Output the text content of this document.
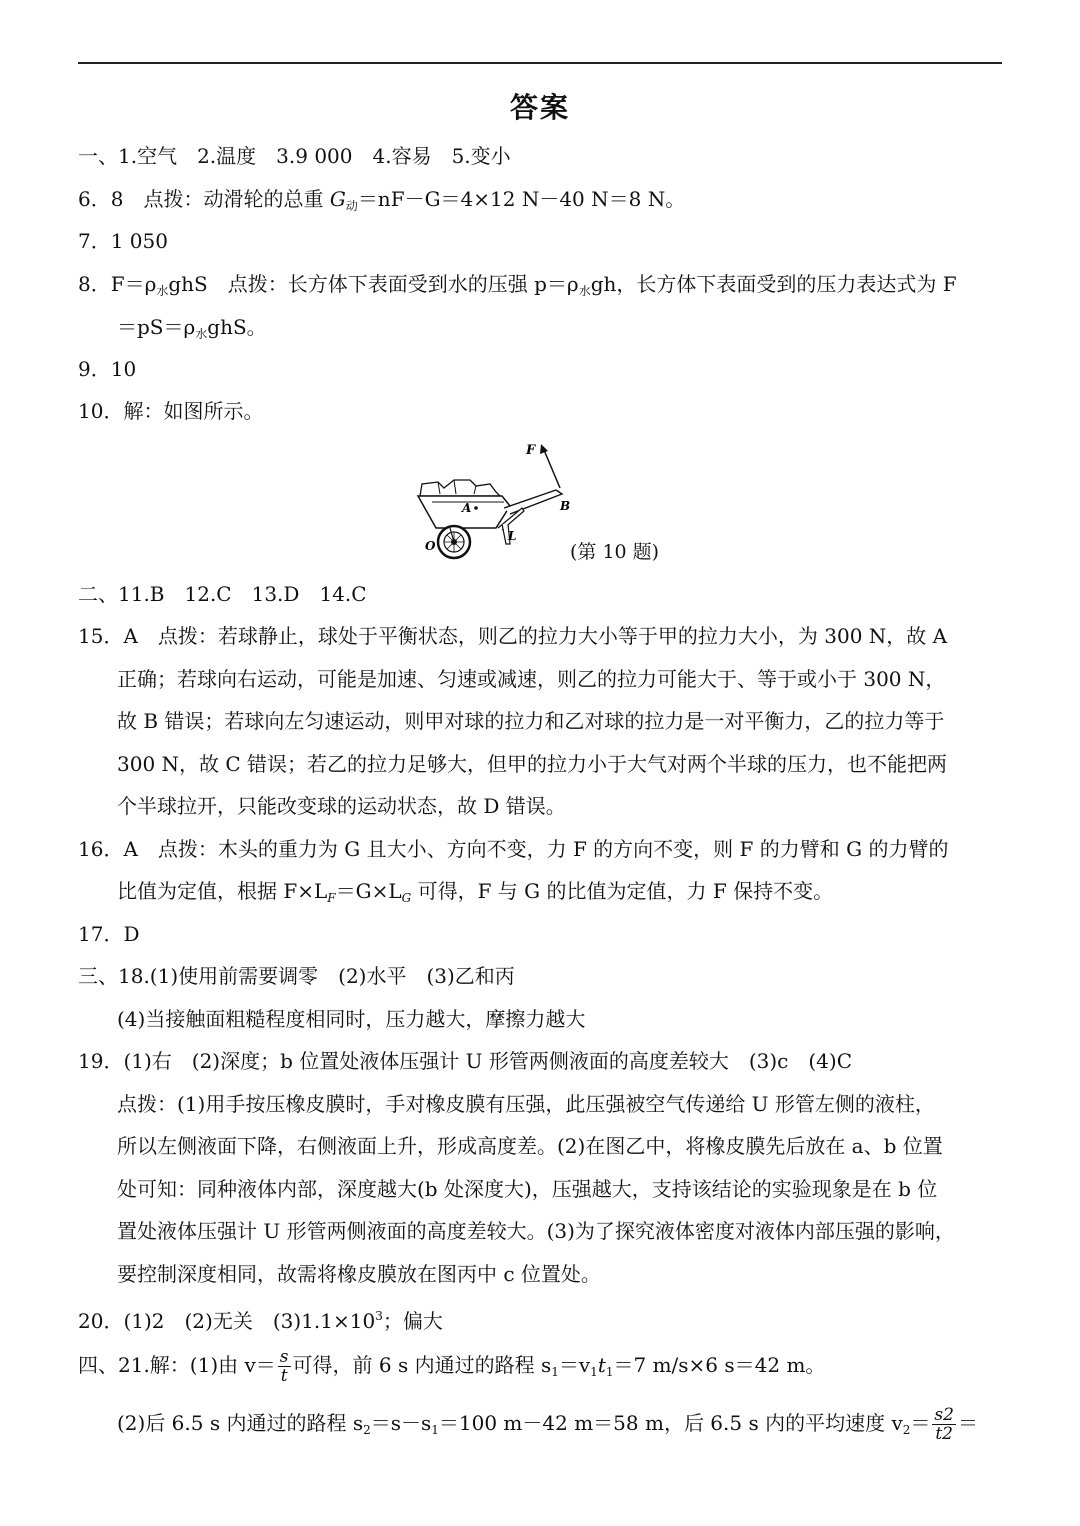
答案
一、1.空气　2.温度　3.9 000　4.容易　5.变小
6．8　点拨：动滑轮的总重 $G_动=nF-G=4\times 12$ N－40 N＝8 N。
7．1 050
8．$F=\rho_水ghS$　点拨：长方体下表面受到水的压强 $p=\rho_水gh$，长方体下表面受到的压力表达式为 F
$=pS=\rho_水ghS$。
9．10
10．解：如图所示。
F
A	B
O
L
(第 10 题)
二、11.B　12.C　13.D　14.C
15．A　点拨：若球静止，球处于平衡状态，则乙的拉力大小等于甲的拉力大小，为 300 N，故 A
正确；若球向右运动，可能是加速、匀速或减速，则乙的拉力可能大于、等于或小于 300 N，
故 B 错误；若球向左匀速运动，则甲对球的拉力和乙对球的拉力是一对平衡力，乙的拉力等于
300 N，故 C 错误；若乙的拉力足够大，但甲的拉力小于大气对两个半球的压力，也不能把两
个半球拉开，只能改变球的运动状态，故 D 错误。
16．A　点拨：木头的重力为 G 且大小、方向不变，力 F 的方向不变，则 F 的力臂和 G 的力臂的
比值为定值，根据 $F\times L_F=G\times L_G$ 可得，F 与 G 的比值为定值，力 F 保持不变。
17．D
三、18.(1)使用前需要调零　(2)水平　(3)乙和丙
(4)当接触面粗糙程度相同时，压力越大，摩擦力越大
19．(1)右　(2)深度；b 位置处液体压强计 U 形管两侧液面的高度差较大　(3)c　(4)C
点拨：(1)用手按压橡皮膜时，手对橡皮膜有压强，此压强被空气传递给 U 形管左侧的液柱，
所以左侧液面下降，右侧液面上升，形成高度差。(2)在图乙中，将橡皮膜先后放在 a、b 位置
处可知：同种液体内部，深度越大(b 处深度大)，压强越大，支持该结论的实验现象是在 b 位
置处液体压强计 U 形管两侧液面的高度差较大。(3)为了探究液体密度对液体内部压强的影响，
要控制深度相同，故需将橡皮膜放在图丙中 c 位置处。
20．(1)2　(2)无关　$(3)1.1\times 10^3$；偏大
四、21.解：(1)由 $v= \frac{s}{t}$ 可得，前 6 s 内通过的路程 $s_1=v_1t_1=7$ m/s×6 s＝42 m。
(2)后 6.5 s 内通过的路程 $s_2=s-s_1=100$ m－42 m＝58 m，后 6.5 s 内的平均速度 $v_2= \frac{s2}{t2}$ ＝
